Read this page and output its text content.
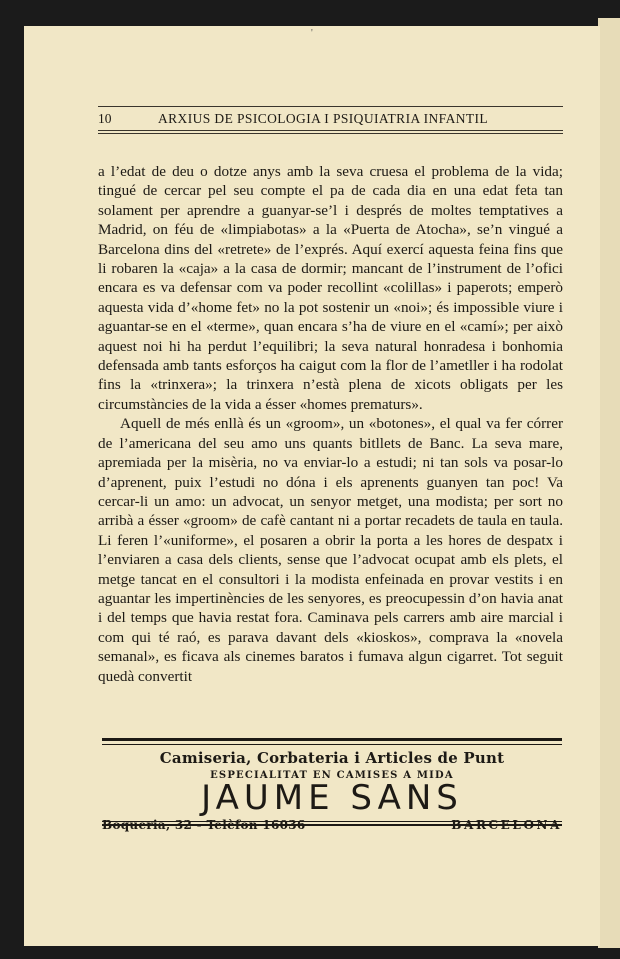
'
10	ARXIUS DE PSICOLOGIA I PSIQUIATRIA INFANTIL

a l’edat de deu o dotze anys amb la seva cruesa el problema de la vida; tingué de cercar pel seu compte el pa de cada dia en una edat feta tan solament per aprendre a guanyar-se’l i després de moltes temptatives a Madrid, on féu de «limpiabotas» a la «Puerta de Atocha», se’n vingué a Barcelona dins del «retrete» de l’exprés. Aquí exercí aquesta feina fins que li robaren la «caja» a la casa de dormir; mancant de l’instrument de l’ofici encara es va defensar com va poder recollint «colillas» i paperots; emperò aquesta vida d’«home fet» no la pot sostenir un «noi»; és impossible viure i aguantar-se en el «terme», quan encara s’ha de viure en el «camí»; per això aquest noi hi ha perdut l’equilibri; la seva natural honradesa i bonhomia defensada amb tants esforços ha caigut com la flor de l’ametller i ha rodolat fins la «trinxera»; la trinxera n’està plena de xicots obligats per les circumstàncies de la vida a ésser «homes prematurs».

Aquell de més enllà és un «groom», un «botones», el qual va fer córrer de l’americana del seu amo uns quants bitllets de Banc. La seva mare, apremiada per la misèria, no va enviar-lo a estudi; ni tan sols va posar-lo d’aprenent, puix l’estudi no dóna i els aprenents guanyen tan poc! Va cercar-li un amo: un advocat, un senyor metget, una modista; per sort no arribà a ésser «groom» de cafè cantant ni a portar recadets de taula en taula. Li feren l’«uniforme», el posaren a obrir la porta a les hores de despatx i l’enviaren a casa dels clients, sense que l’advocat ocupat amb els plets, el metge tancat en el consultori i la modista enfeinada en provar vestits i en aguantar les impertinències de les senyores, es preocupessin d’on havia anat i del temps que havia restat fora. Caminava pels carrers amb aire marcial i com qui té raó, es parava davant dels «kioskos», comprava la «novela semanal», es ficava als cinemes baratos i fumava algun cigarret. Tot seguit quedà convertit

Camiseria, Corbateria i Articles de Punt
ESPECIALITAT EN CAMISES A MIDA
JAUME SANS
